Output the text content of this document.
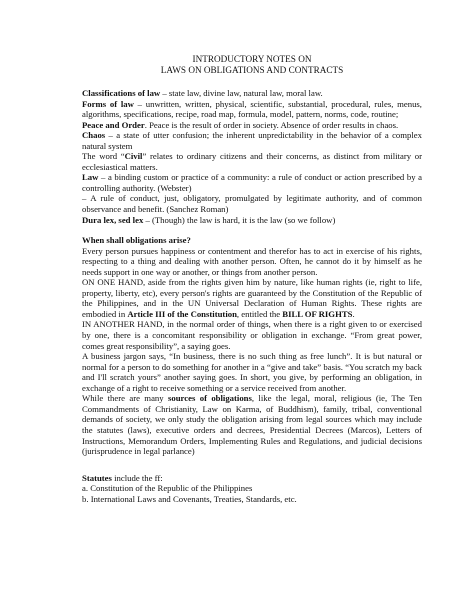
INTRODUCTORY NOTES ON

LAWS ON OBLIGATIONS AND CONTRACTS

Classifications of law – state law, divine law, natural law, moral law.

Forms of law – unwritten, written, physical, scientific, substantial, procedural, rules, menus, algorithms, specifications, recipe, road map, formula, model, pattern, norms, code, routine;

Peace and Order. Peace is the result of order in society. Absence of order results in chaos.

Chaos – a state of utter confusion; the inherent unpredictability in the behavior of a complex natural system

The word “Civil” relates to ordinary citizens and their concerns, as distinct from military or ecclesiastical matters.

Law – a binding custom or practice of a community: a rule of conduct or action prescribed by a controlling authority. (Webster)

– A rule of conduct, just, obligatory, promulgated by legitimate authority, and of common observance and benefit. (Sanchez Roman)

Dura lex, sed lex – (Though) the law is hard, it is the law (so we follow)

When shall obligations arise?

Every person pursues happiness or contentment and therefor has to act in exercise of his rights, respecting to a thing and dealing with another person. Often, he cannot do it by himself as he needs support in one way or another, or things from another person.

ON ONE HAND, aside from the rights given him by nature, like human rights (ie, right to life, property, liberty, etc), every person's rights are guaranteed by the Constitution of the Republic of the Philippines, and in the UN Universal Declaration of Human Rights. These rights are embodied in Article III of the Constitution, entitled the BILL OF RIGHTS.

IN ANOTHER HAND, in the normal order of things, when there is a right given to or exercised by one, there is a concomitant responsibility or obligation in exchange. “From great power, comes great responsibility”, a saying goes.

A business jargon says, “In business, there is no such thing as free lunch”. It is but natural or normal for a person to do something for another in a “give and take” basis. “You scratch my back and I'll scratch yours” another saying goes. In short, you give, by performing an obligation, in exchange of a right to receive something or a service received from another.

While there are many sources of obligations, like the legal, moral, religious (ie, The Ten Commandments of Christianity, Law on Karma, of Buddhism), family, tribal, conventional demands of society, we only study the obligation arising from legal sources which may include the statutes (laws), executive orders and decrees, Presidential Decrees (Marcos), Letters of Instructions, Memorandum Orders, Implementing Rules and Regulations, and judicial decisions (jurisprudence in legal parlance)

Statutes include the ff:

a. Constitution of the Republic of the Philippines

b. International Laws and Covenants, Treaties, Standards, etc.
